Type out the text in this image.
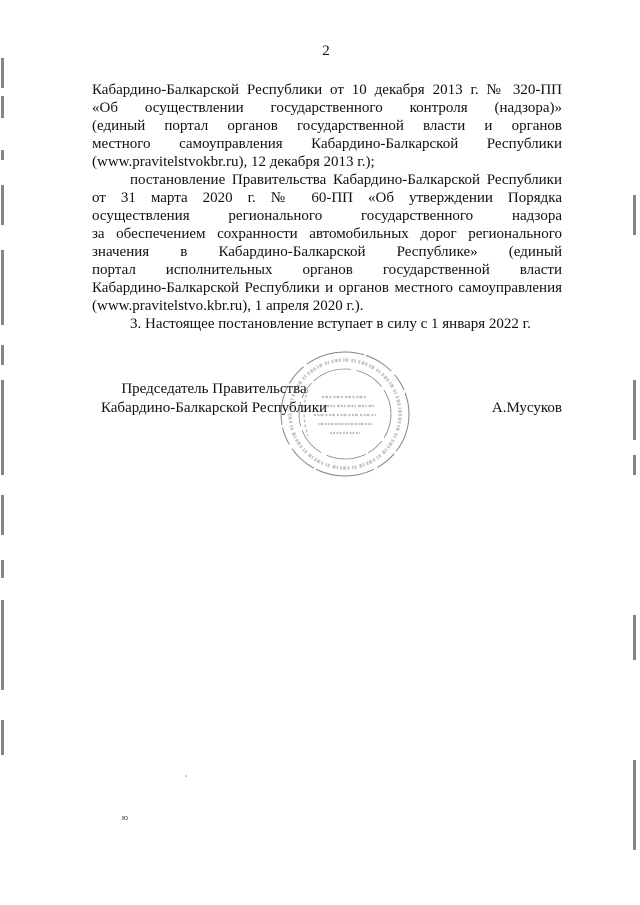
2
Кабардино-Балкарской Республики от 10 декабря 2013 г. № 320-ПП
«Об осуществлении государственного контроля (надзора)»
(единый портал органов государственной власти и органов
местного самоуправления Кабардино-Балкарской Республики
(www.pravitelstvokbr.ru), 12 декабря 2013 г.);
постановление Правительства Кабардино-Балкарской Республики
от 31 марта 2020 г. № 60-ПП «Об утверждении Порядка
осуществления регионального государственного надзора
за обеспечением сохранности автомобильных дорог регионального
значения в Кабардино-Балкарской Республике» (единый
портал исполнительных органов государственной власти
Кабардино-Балкарской Республики и органов местного самоуправления
(www.pravitelstvo.kbr.ru), 1 апреля 2020 г.).
3. Настоящее постановление вступает в силу с 1 января 2022 г.
Председатель Правительства
Кабардино-Балкарской Республики	А.Мусуков
ю
